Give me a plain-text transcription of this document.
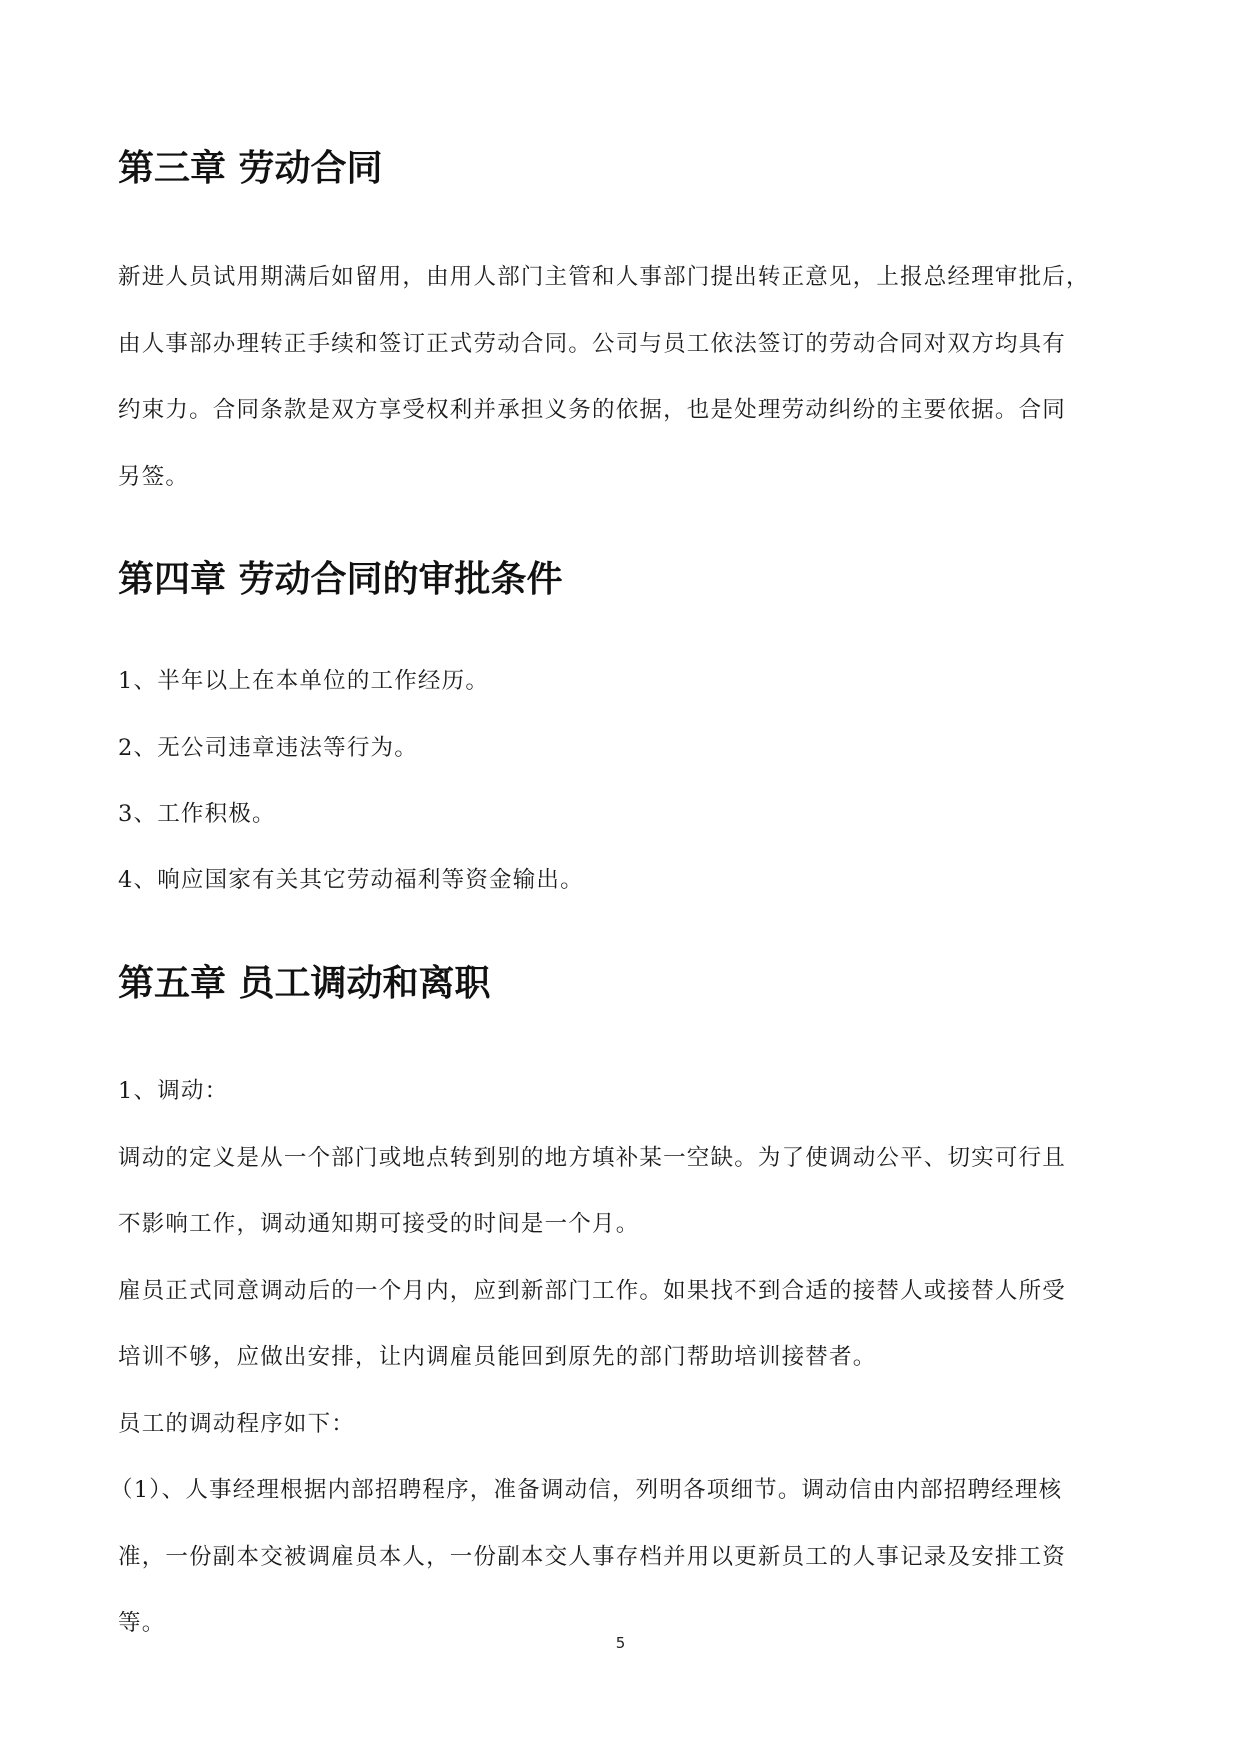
第三章 劳动合同
新进人员试用期满后如留用，由用人部门主管和人事部门提出转正意见，上报总经理审批后，
由人事部办理转正手续和签订正式劳动合同。公司与员工依法签订的劳动合同对双方均具有
约束力。合同条款是双方享受权利并承担义务的依据，也是处理劳动纠纷的主要依据。合同
另签。
第四章 劳动合同的审批条件
1、半年以上在本单位的工作经历。
2、无公司违章违法等行为。
3、工作积极。
4、响应国家有关其它劳动福利等资金输出。
第五章 员工调动和离职
1、调动：
调动的定义是从一个部门或地点转到别的地方填补某一空缺。为了使调动公平、切实可行且
不影响工作，调动通知期可接受的时间是一个月。
雇员正式同意调动后的一个月内，应到新部门工作。如果找不到合适的接替人或接替人所受
培训不够，应做出安排，让内调雇员能回到原先的部门帮助培训接替者。
员工的调动程序如下：
（1）、人事经理根据内部招聘程序，准备调动信，列明各项细节。调动信由内部招聘经理核
准，一份副本交被调雇员本人，一份副本交人事存档并用以更新员工的人事记录及安排工资
等。
5
